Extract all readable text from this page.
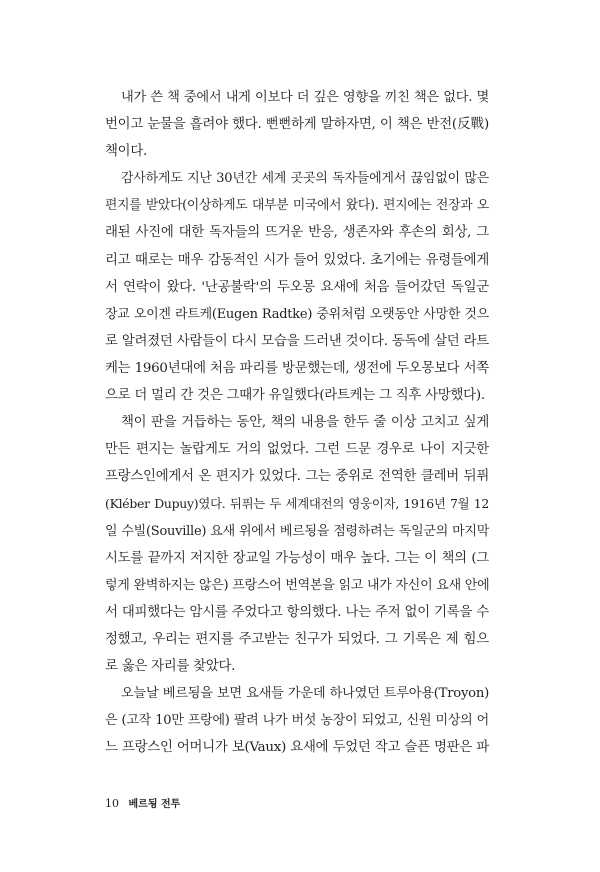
내가 쓴 책 중에서 내게 이보다 더 깊은 영향을 끼친 책은 없다. 몇
번이고 눈물을 흘려야 했다. 뻔뻔하게 말하자면, 이 책은 반전(反戰)
책이다.
감사하게도 지난 30년간 세계 곳곳의 독자들에게서 끊임없이 많은
편지를 받았다(이상하게도 대부분 미국에서 왔다). 편지에는 전장과 오
래된 사진에 대한 독자들의 뜨거운 반응, 생존자와 후손의 회상, 그
리고 때로는 매우 감동적인 시가 들어 있었다. 초기에는 유령들에게
서 연락이 왔다. '난공불락'의 두오몽 요새에 처음 들어갔던 독일군
장교 오이겐 라트케(Eugen Radtke) 중위처럼 오랫동안 사망한 것으
로 알려졌던 사람들이 다시 모습을 드러낸 것이다. 동독에 살던 라트
케는 1960년대에 처음 파리를 방문했는데, 생전에 두오몽보다 서쪽
으로 더 멀리 간 것은 그때가 유일했다(라트케는 그 직후 사망했다).
책이 판을 거듭하는 동안, 책의 내용을 한두 줄 이상 고치고 싶게
만든 편지는 놀랍게도 거의 없었다. 그런 드문 경우로 나이 지긋한
프랑스인에게서 온 편지가 있었다. 그는 중위로 전역한 클레버 뒤퓌
(Kléber Dupuy)였다. 뒤퓌는 두 세계대전의 영웅이자, 1916년 7월 12
일 수빌(Souville) 요새 위에서 베르됭을 점령하려는 독일군의 마지막
시도를 끝까지 저지한 장교일 가능성이 매우 높다. 그는 이 책의 (그
렇게 완벽하지는 않은) 프랑스어 번역본을 읽고 내가 자신이 요새 안에
서 대피했다는 암시를 주었다고 항의했다. 나는 주저 없이 기록을 수
정했고, 우리는 편지를 주고받는 친구가 되었다. 그 기록은 제 힘으
로 옳은 자리를 찾았다.
오늘날 베르됭을 보면 요새들 가운데 하나였던 트루아용(Troyon)
은 (고작 10만 프랑에) 팔려 나가 버섯 농장이 되었고, 신원 미상의 어
느 프랑스인 어머니가 보(Vaux) 요새에 두었던 작고 슬픈 명판은 파
10 베르됭 전투
